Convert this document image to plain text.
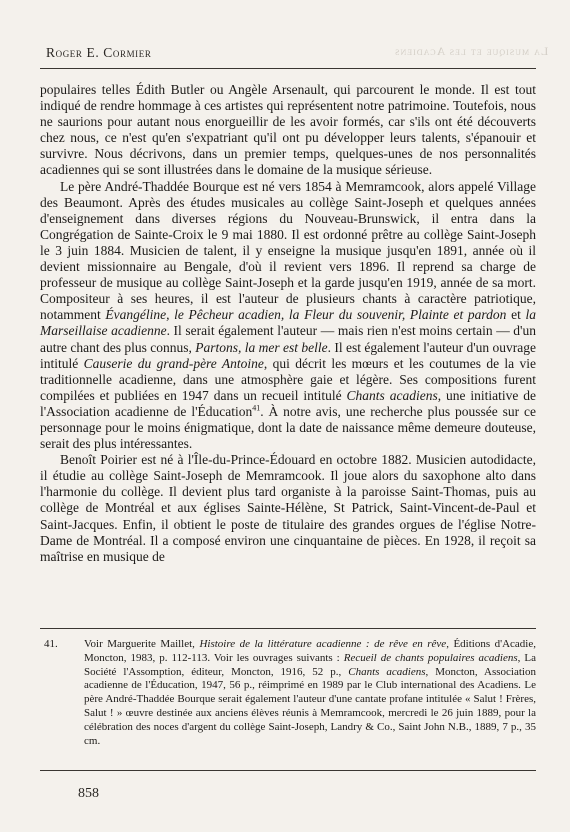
La musique et les Acadiens
Roger E. Cormier

populaires telles Édith Butler ou Angèle Arsenault, qui parcourent le monde. Il est tout indiqué de rendre hommage à ces artistes qui représentent notre patrimoine. Toutefois, nous ne saurions pour autant nous enorgueillir de les avoir formés, car s'ils ont été découverts chez nous, ce n'est qu'en s'expatriant qu'il ont pu développer leurs talents, s'épanouir et survivre. Nous décrivons, dans un premier temps, quelques-unes de nos personnalités acadiennes qui se sont illustrées dans le domaine de la musique sérieuse.

Le père André-Thaddée Bourque est né vers 1854 à Memramcook, alors appelé Village des Beaumont. Après des études musicales au collège Saint-Joseph et quelques années d'enseignement dans diverses régions du Nouveau-Brunswick, il entra dans la Congrégation de Sainte-Croix le 9 mai 1880. Il est ordonné prêtre au collège Saint-Joseph le 3 juin 1884. Musicien de talent, il y enseigne la musique jusqu'en 1891, année où il devient missionnaire au Bengale, d'où il revient vers 1896. Il reprend sa charge de professeur de musique au collège Saint-Joseph et la garde jusqu'en 1919, année de sa mort. Compositeur à ses heures, il est l'auteur de plusieurs chants à caractère patriotique, notamment Évangéline, le Pêcheur acadien, la Fleur du souvenir, Plainte et pardon et la Marseillaise acadienne. Il serait également l'auteur — mais rien n'est moins certain — d'un autre chant des plus connus, Partons, la mer est belle. Il est également l'auteur d'un ouvrage intitulé Causerie du grand-père Antoine, qui décrit les mœurs et les coutumes de la vie traditionnelle acadienne, dans une atmosphère gaie et légère. Ses compositions furent compilées et publiées en 1947 dans un recueil intitulé Chants acadiens, une initiative de l'Association acadienne de l'Éducation$^{41}$. À notre avis, une recherche plus poussée sur ce personnage pour le moins énigmatique, dont la date de naissance même demeure douteuse, serait des plus intéressantes.

Benoît Poirier est né à l'Île-du-Prince-Édouard en octobre 1882. Musicien autodidacte, il étudie au collège Saint-Joseph de Memramcook. Il joue alors du saxophone alto dans l'harmonie du collège. Il devient plus tard organiste à la paroisse Saint-Thomas, puis au collège de Montréal et aux églises Sainte-Hélène, St Patrick, Saint-Vincent-de-Paul et Saint-Jacques. Enfin, il obtient le poste de titulaire des grandes orgues de l'église Notre-Dame de Montréal. Il a composé environ une cinquantaine de pièces. En 1928, il reçoit sa maîtrise en musique de

41.	Voir Marguerite Maillet, Histoire de la littérature acadienne : de rêve en rêve, Éditions d'Acadie, Moncton, 1983, p. 112-113. Voir les ouvrages suivants : Recueil de chants populaires acadiens, La Société l'Assomption, éditeur, Moncton, 1916, 52 p., Chants acadiens, Moncton, Association acadienne de l'Éducation, 1947, 56 p., réimprimé en 1989 par le Club international des Acadiens. Le père André-Thaddée Bourque serait également l'auteur d'une cantate profane intitulée « Salut ! Frères, Salut ! » œuvre destinée aux anciens élèves réunis à Memramcook, mercredi le 26 juin 1889, pour la célébration des noces d'argent du collège Saint-Joseph, Landry & Co., Saint John N.B., 1889, 7 p., 35 cm.
858
